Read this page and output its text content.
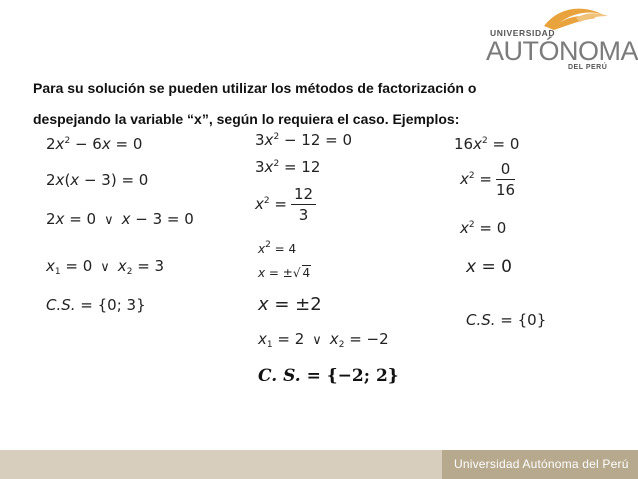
UNIVERSIDAD
AUTÓNOMA
DEL PERÚ
Para su solución se pueden utilizar los métodos de factorización o
despejando la variable “x”, según lo requiera el caso. Ejemplos:
$2x^2 - 6x = 0$
2x(x − 3) = 0
2x = 0 ∨ x − 3 = 0
$x_1 = 0$ ∨ $x_2 = 3$
C.S. = {0; 3}
$3x^2 - 12 = 0$
$3x^2 = 12$
$x^2 = \frac{12}{3}$
$x^2 = 4$
x = ±√ 4
x = ±2
$x_1 = 2$ ∨ $x_2 = -2$
C. S. = {−2; 2}
$16x^2 = 0$
$x^2 = \frac{0}{16}$
$x^2 = 0$
x = 0
C.S. = {0}
Universidad Autónoma del Perú
